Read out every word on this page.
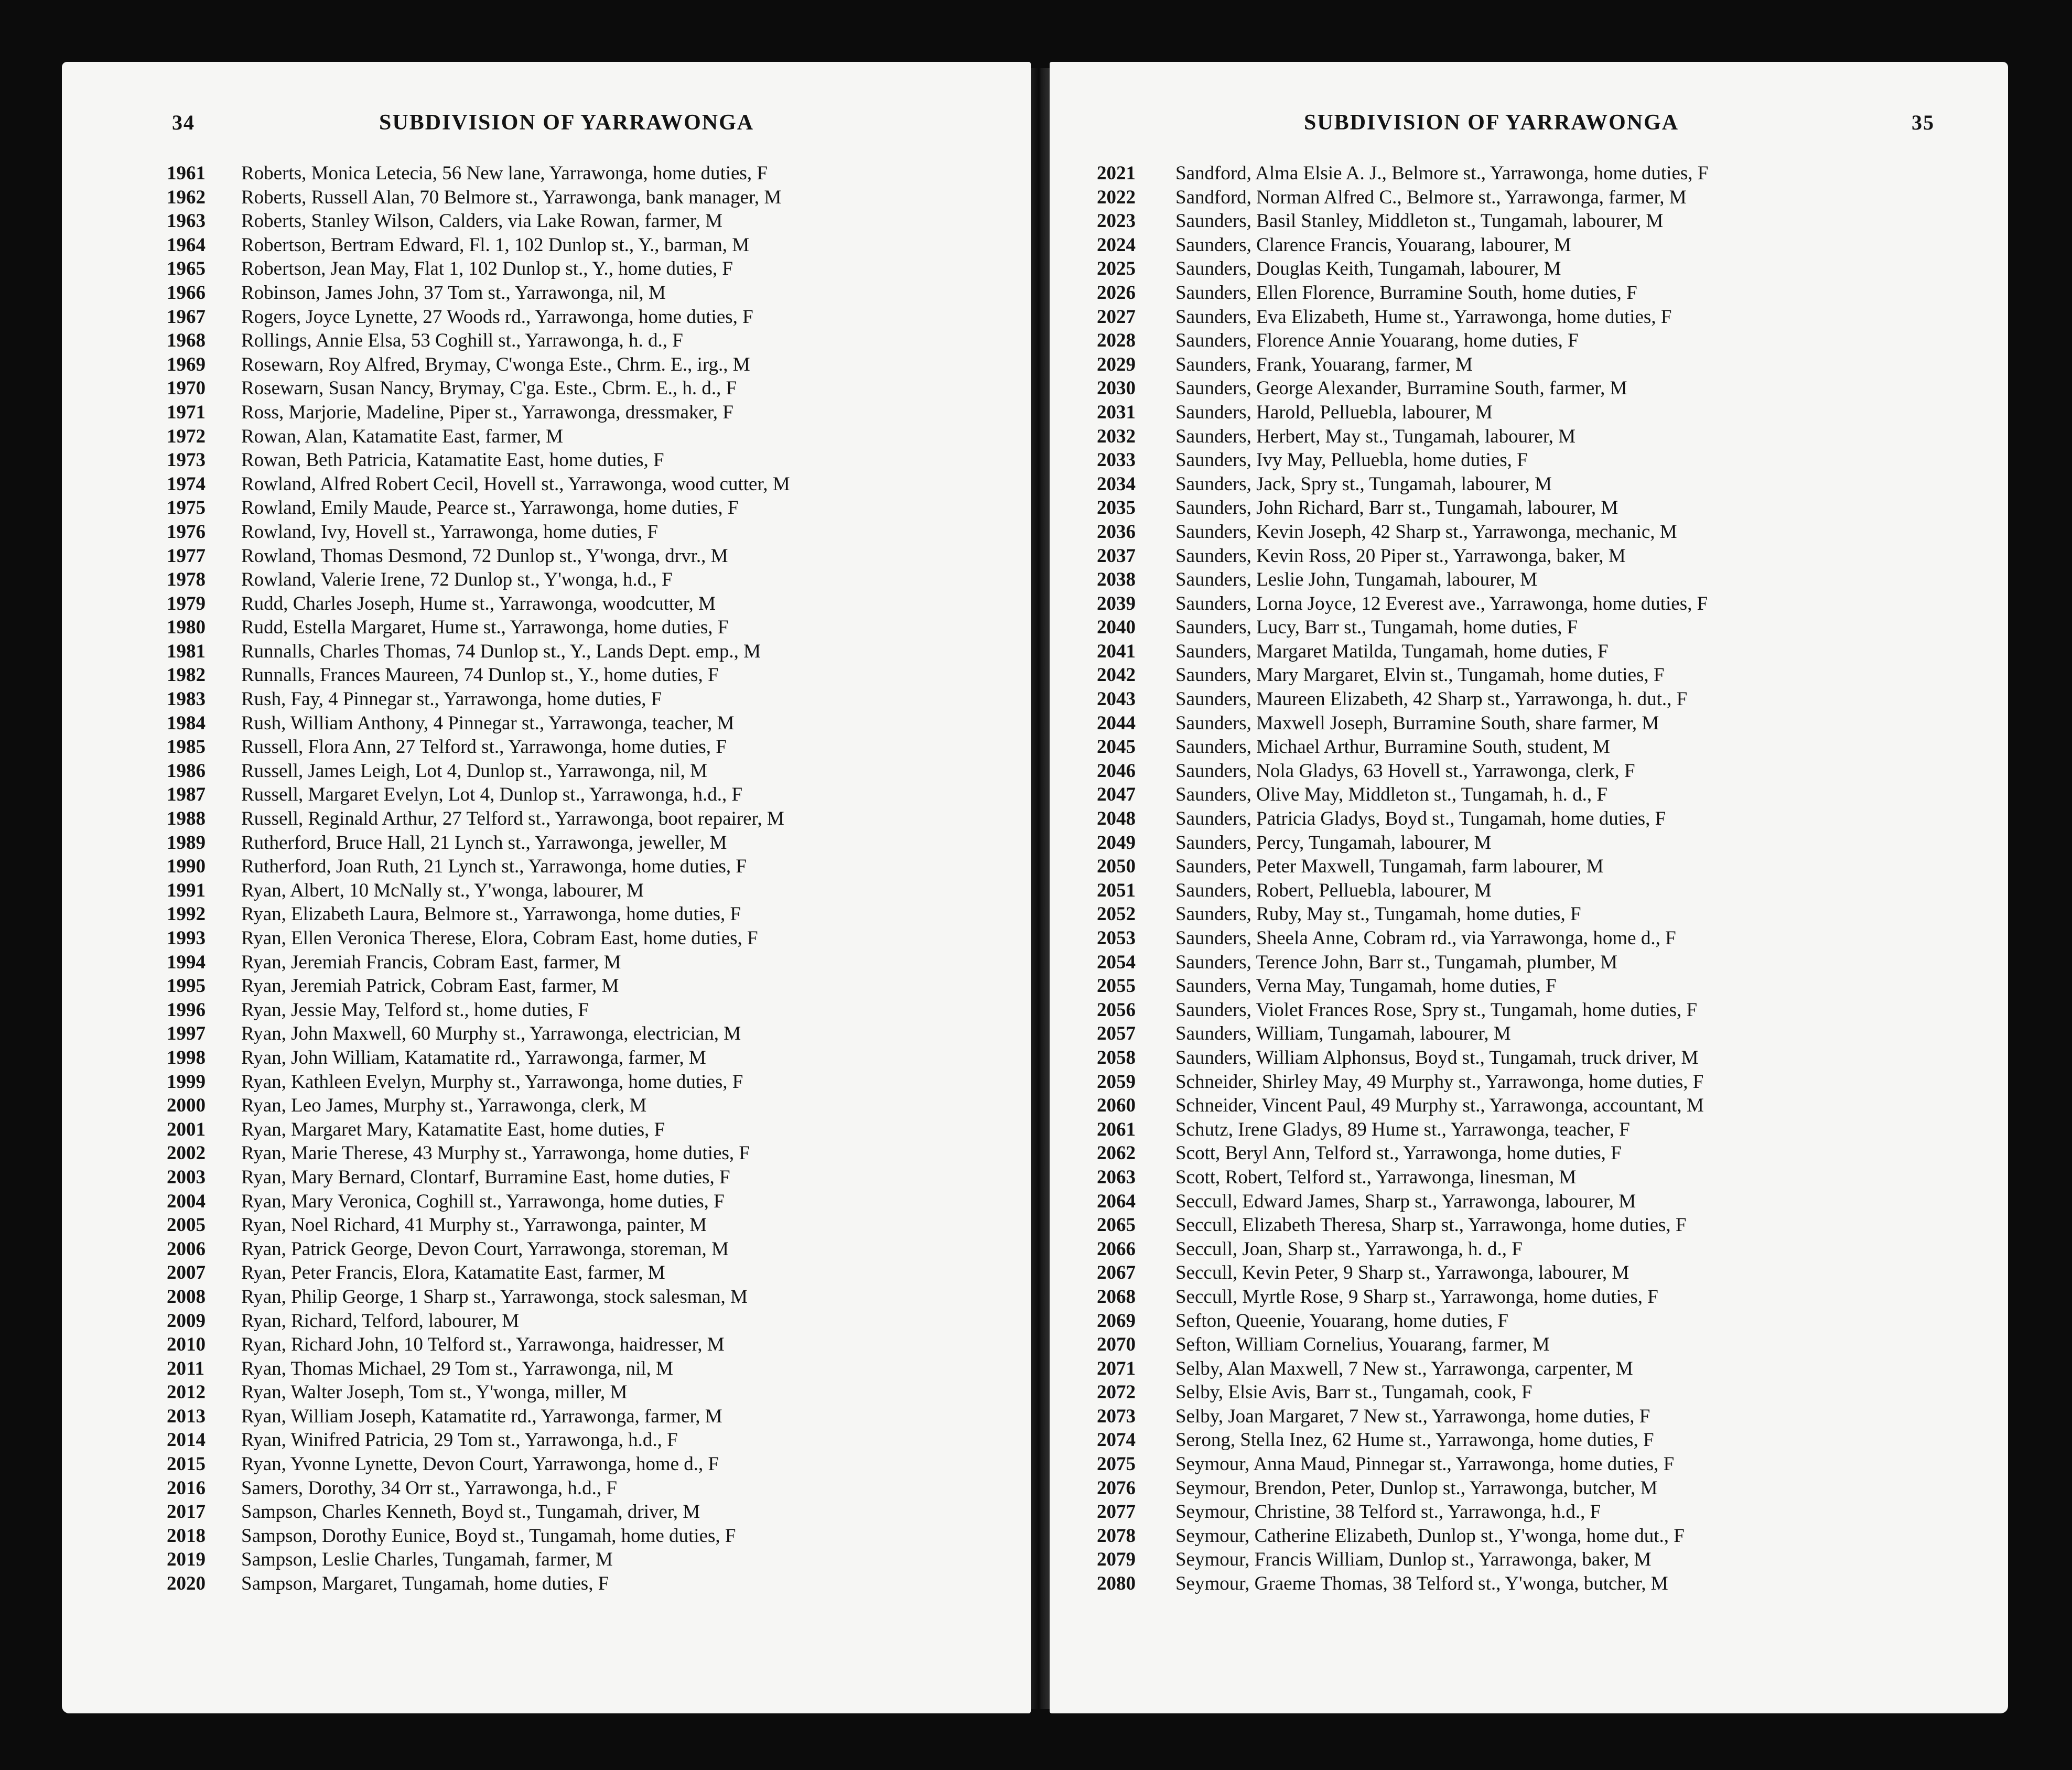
34	SUBDIVISION OF YARRAWONGA
1961	Roberts, Monica Letecia, 56 New lane, Yarrawonga, home duties, F
1962	Roberts, Russell Alan, 70 Belmore st., Yarrawonga, bank manager, M
1963	Roberts, Stanley Wilson, Calders, via Lake Rowan, farmer, M
1964	Robertson, Bertram Edward, Fl. 1, 102 Dunlop st., Y., barman, M
1965	Robertson, Jean May, Flat 1, 102 Dunlop st., Y., home duties, F
1966	Robinson, James John, 37 Tom st., Yarrawonga, nil, M
1967	Rogers, Joyce Lynette, 27 Woods rd., Yarrawonga, home duties, F
1968	Rollings, Annie Elsa, 53 Coghill st., Yarrawonga, h. d., F
1969	Rosewarn, Roy Alfred, Brymay, C'wonga Este., Chrm. E., irg., M
1970	Rosewarn, Susan Nancy, Brymay, C'ga. Este., Cbrm. E., h. d., F
1971	Ross, Marjorie, Madeline, Piper st., Yarrawonga, dressmaker, F
1972	Rowan, Alan, Katamatite East, farmer, M
1973	Rowan, Beth Patricia, Katamatite East, home duties, F
1974	Rowland, Alfred Robert Cecil, Hovell st., Yarrawonga, wood cutter, M
1975	Rowland, Emily Maude, Pearce st., Yarrawonga, home duties, F
1976	Rowland, Ivy, Hovell st., Yarrawonga, home duties, F
1977	Rowland, Thomas Desmond, 72 Dunlop st., Y'wonga, drvr., M
1978	Rowland, Valerie Irene, 72 Dunlop st., Y'wonga, h.d., F
1979	Rudd, Charles Joseph, Hume st., Yarrawonga, woodcutter, M
1980	Rudd, Estella Margaret, Hume st., Yarrawonga, home duties, F
1981	Runnalls, Charles Thomas, 74 Dunlop st., Y., Lands Dept. emp., M
1982	Runnalls, Frances Maureen, 74 Dunlop st., Y., home duties, F
1983	Rush, Fay, 4 Pinnegar st., Yarrawonga, home duties, F
1984	Rush, William Anthony, 4 Pinnegar st., Yarrawonga, teacher, M
1985	Russell, Flora Ann, 27 Telford st., Yarrawonga, home duties, F
1986	Russell, James Leigh, Lot 4, Dunlop st., Yarrawonga, nil, M
1987	Russell, Margaret Evelyn, Lot 4, Dunlop st., Yarrawonga, h.d., F
1988	Russell, Reginald Arthur, 27 Telford st., Yarrawonga, boot repairer, M
1989	Rutherford, Bruce Hall, 21 Lynch st., Yarrawonga, jeweller, M
1990	Rutherford, Joan Ruth, 21 Lynch st., Yarrawonga, home duties, F
1991	Ryan, Albert, 10 McNally st., Y'wonga, labourer, M
1992	Ryan, Elizabeth Laura, Belmore st., Yarrawonga, home duties, F
1993	Ryan, Ellen Veronica Therese, Elora, Cobram East, home duties, F
1994	Ryan, Jeremiah Francis, Cobram East, farmer, M
1995	Ryan, Jeremiah Patrick, Cobram East, farmer, M
1996	Ryan, Jessie May, Telford st., home duties, F
1997	Ryan, John Maxwell, 60 Murphy st., Yarrawonga, electrician, M
1998	Ryan, John William, Katamatite rd., Yarrawonga, farmer, M
1999	Ryan, Kathleen Evelyn, Murphy st., Yarrawonga, home duties, F
2000	Ryan, Leo James, Murphy st., Yarrawonga, clerk, M
2001	Ryan, Margaret Mary, Katamatite East, home duties, F
2002	Ryan, Marie Therese, 43 Murphy st., Yarrawonga, home duties, F
2003	Ryan, Mary Bernard, Clontarf, Burramine East, home duties, F
2004	Ryan, Mary Veronica, Coghill st., Yarrawonga, home duties, F
2005	Ryan, Noel Richard, 41 Murphy st., Yarrawonga, painter, M
2006	Ryan, Patrick George, Devon Court, Yarrawonga, storeman, M
2007	Ryan, Peter Francis, Elora, Katamatite East, farmer, M
2008	Ryan, Philip George, 1 Sharp st., Yarrawonga, stock salesman, M
2009	Ryan, Richard, Telford, labourer, M
2010	Ryan, Richard John, 10 Telford st., Yarrawonga, haidresser, M
2011	Ryan, Thomas Michael, 29 Tom st., Yarrawonga, nil, M
2012	Ryan, Walter Joseph, Tom st., Y'wonga, miller, M
2013	Ryan, William Joseph, Katamatite rd., Yarrawonga, farmer, M
2014	Ryan, Winifred Patricia, 29 Tom st., Yarrawonga, h.d., F
2015	Ryan, Yvonne Lynette, Devon Court, Yarrawonga, home d., F
2016	Samers, Dorothy, 34 Orr st., Yarrawonga, h.d., F
2017	Sampson, Charles Kenneth, Boyd st., Tungamah, driver, M
2018	Sampson, Dorothy Eunice, Boyd st., Tungamah, home duties, F
2019	Sampson, Leslie Charles, Tungamah, farmer, M
2020	Sampson, Margaret, Tungamah, home duties, F
SUBDIVISION OF YARRAWONGA	35
2021	Sandford, Alma Elsie A. J., Belmore st., Yarrawonga, home duties, F
2022	Sandford, Norman Alfred C., Belmore st., Yarrawonga, farmer, M
2023	Saunders, Basil Stanley, Middleton st., Tungamah, labourer, M
2024	Saunders, Clarence Francis, Youarang, labourer, M
2025	Saunders, Douglas Keith, Tungamah, labourer, M
2026	Saunders, Ellen Florence, Burramine South, home duties, F
2027	Saunders, Eva Elizabeth, Hume st., Yarrawonga, home duties, F
2028	Saunders, Florence Annie Youarang, home duties, F
2029	Saunders, Frank, Youarang, farmer, M
2030	Saunders, George Alexander, Burramine South, farmer, M
2031	Saunders, Harold, Pelluebla, labourer, M
2032	Saunders, Herbert, May st., Tungamah, labourer, M
2033	Saunders, Ivy May, Pelluebla, home duties, F
2034	Saunders, Jack, Spry st., Tungamah, labourer, M
2035	Saunders, John Richard, Barr st., Tungamah, labourer, M
2036	Saunders, Kevin Joseph, 42 Sharp st., Yarrawonga, mechanic, M
2037	Saunders, Kevin Ross, 20 Piper st., Yarrawonga, baker, M
2038	Saunders, Leslie John, Tungamah, labourer, M
2039	Saunders, Lorna Joyce, 12 Everest ave., Yarrawonga, home duties, F
2040	Saunders, Lucy, Barr st., Tungamah, home duties, F
2041	Saunders, Margaret Matilda, Tungamah, home duties, F
2042	Saunders, Mary Margaret, Elvin st., Tungamah, home duties, F
2043	Saunders, Maureen Elizabeth, 42 Sharp st., Yarrawonga, h. dut., F
2044	Saunders, Maxwell Joseph, Burramine South, share farmer, M
2045	Saunders, Michael Arthur, Burramine South, student, M
2046	Saunders, Nola Gladys, 63 Hovell st., Yarrawonga, clerk, F
2047	Saunders, Olive May, Middleton st., Tungamah, h. d., F
2048	Saunders, Patricia Gladys, Boyd st., Tungamah, home duties, F
2049	Saunders, Percy, Tungamah, labourer, M
2050	Saunders, Peter Maxwell, Tungamah, farm labourer, M
2051	Saunders, Robert, Pelluebla, labourer, M
2052	Saunders, Ruby, May st., Tungamah, home duties, F
2053	Saunders, Sheela Anne, Cobram rd., via Yarrawonga, home d., F
2054	Saunders, Terence John, Barr st., Tungamah, plumber, M
2055	Saunders, Verna May, Tungamah, home duties, F
2056	Saunders, Violet Frances Rose, Spry st., Tungamah, home duties, F
2057	Saunders, William, Tungamah, labourer, M
2058	Saunders, William Alphonsus, Boyd st., Tungamah, truck driver, M
2059	Schneider, Shirley May, 49 Murphy st., Yarrawonga, home duties, F
2060	Schneider, Vincent Paul, 49 Murphy st., Yarrawonga, accountant, M
2061	Schutz, Irene Gladys, 89 Hume st., Yarrawonga, teacher, F
2062	Scott, Beryl Ann, Telford st., Yarrawonga, home duties, F
2063	Scott, Robert, Telford st., Yarrawonga, linesman, M
2064	Seccull, Edward James, Sharp st., Yarrawonga, labourer, M
2065	Seccull, Elizabeth Theresa, Sharp st., Yarrawonga, home duties, F
2066	Seccull, Joan, Sharp st., Yarrawonga, h. d., F
2067	Seccull, Kevin Peter, 9 Sharp st., Yarrawonga, labourer, M
2068	Seccull, Myrtle Rose, 9 Sharp st., Yarrawonga, home duties, F
2069	Sefton, Queenie, Youarang, home duties, F
2070	Sefton, William Cornelius, Youarang, farmer, M
2071	Selby, Alan Maxwell, 7 New st., Yarrawonga, carpenter, M
2072	Selby, Elsie Avis, Barr st., Tungamah, cook, F
2073	Selby, Joan Margaret, 7 New st., Yarrawonga, home duties, F
2074	Serong, Stella Inez, 62 Hume st., Yarrawonga, home duties, F
2075	Seymour, Anna Maud, Pinnegar st., Yarrawonga, home duties, F
2076	Seymour, Brendon, Peter, Dunlop st., Yarrawonga, butcher, M
2077	Seymour, Christine, 38 Telford st., Yarrawonga, h.d., F
2078	Seymour, Catherine Elizabeth, Dunlop st., Y'wonga, home dut., F
2079	Seymour, Francis William, Dunlop st., Yarrawonga, baker, M
2080	Seymour, Graeme Thomas, 38 Telford st., Y'wonga, butcher, M
